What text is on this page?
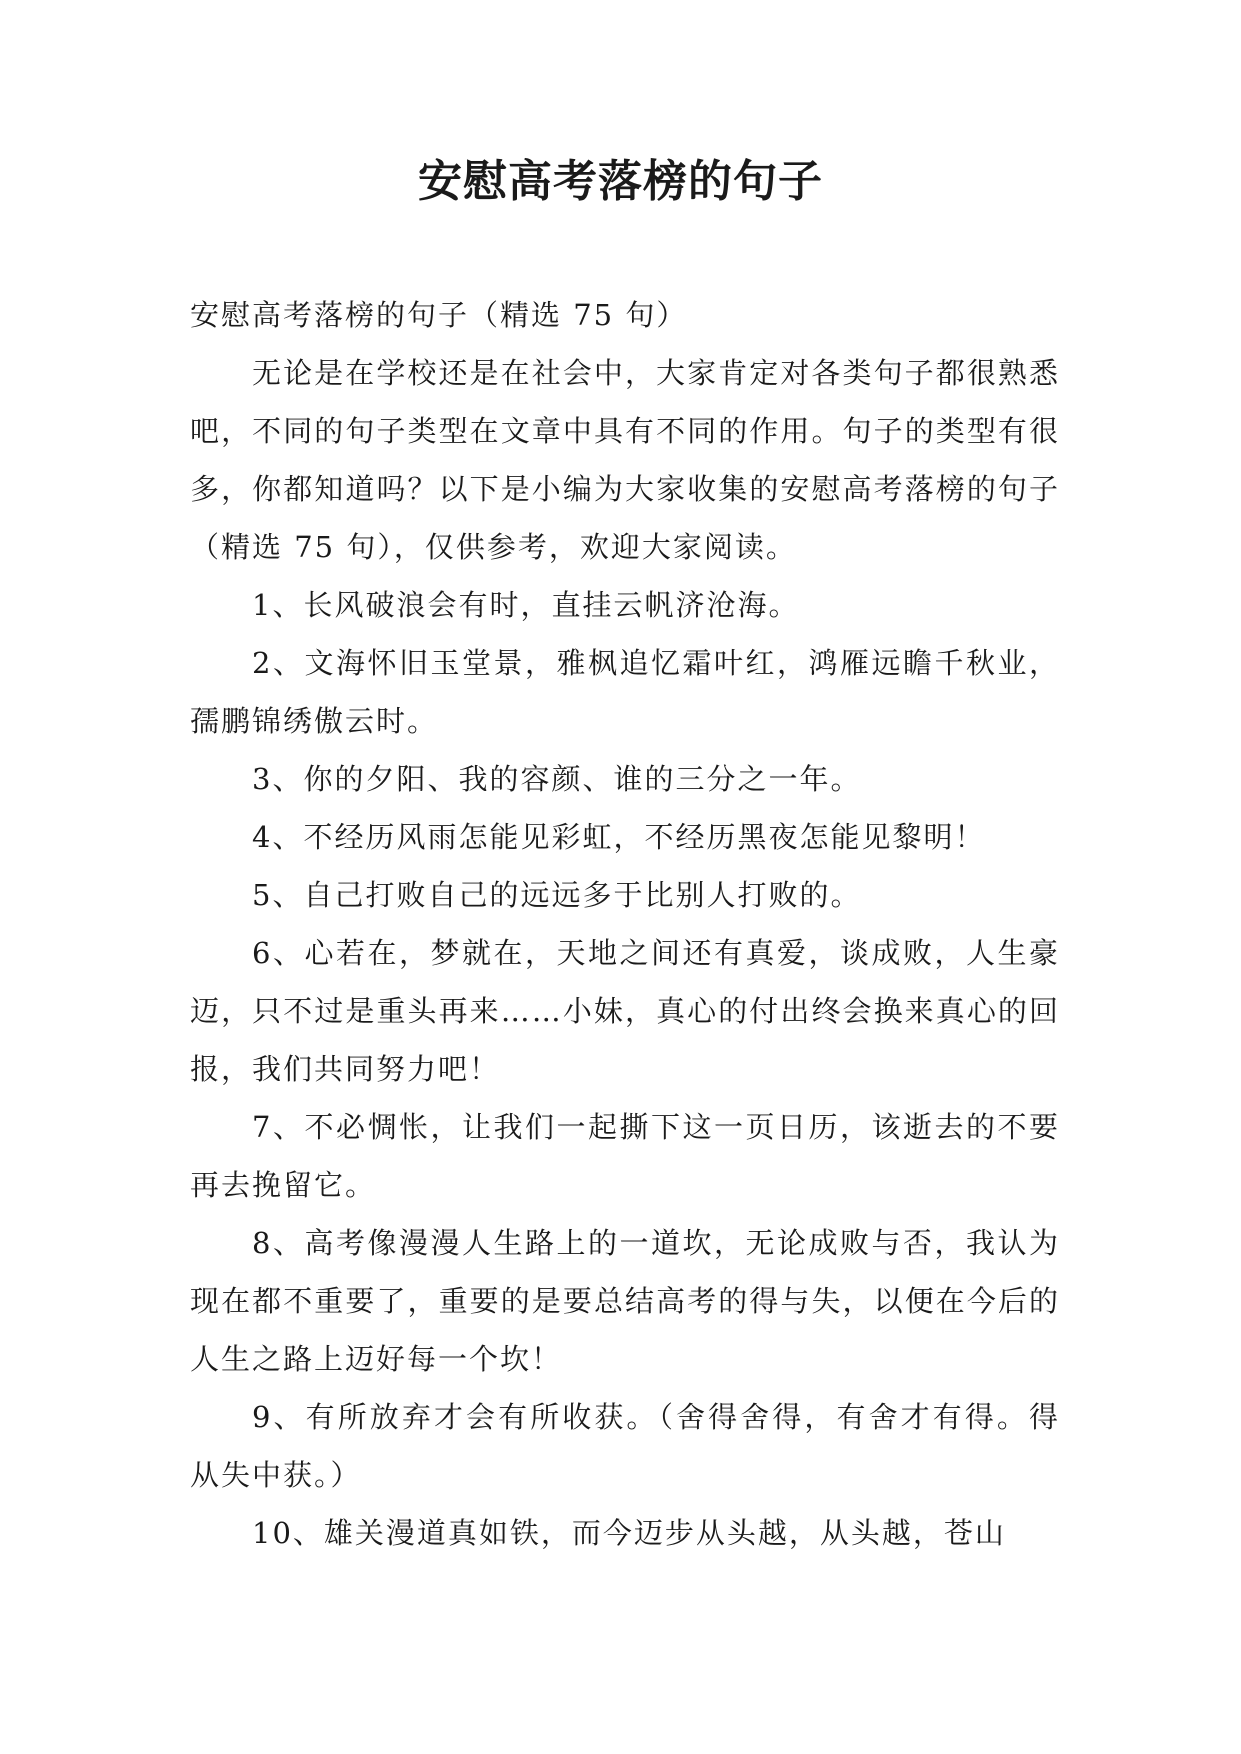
安慰高考落榜的句子

安慰高考落榜的句子（精选 75 句）

无论是在学校还是在社会中，大家肯定对各类句子都很熟悉吧，不同的句子类型在文章中具有不同的作用。句子的类型有很多，你都知道吗？以下是小编为大家收集的安慰高考落榜的句子（精选 75 句），仅供参考，欢迎大家阅读。

1、长风破浪会有时，直挂云帆济沧海。

2、文海怀旧玉堂景，雅枫追忆霜叶红，鸿雁远瞻千秋业，孺鹏锦绣傲云时。

3、你的夕阳、我的容颜、谁的三分之一年。

4、不经历风雨怎能见彩虹，不经历黑夜怎能见黎明！

5、自己打败自己的远远多于比别人打败的。

6、心若在，梦就在，天地之间还有真爱，谈成败，人生豪迈，只不过是重头再来……小妹，真心的付出终会换来真心的回报，我们共同努力吧！

7、不必惆怅，让我们一起撕下这一页日历，该逝去的不要再去挽留它。

8、高考像漫漫人生路上的一道坎，无论成败与否，我认为现在都不重要了，重要的是要总结高考的得与失，以便在今后的人生之路上迈好每一个坎！

9、有所放弃才会有所收获。（舍得舍得，有舍才有得。得从失中获。）

10、雄关漫道真如铁，而今迈步从头越，从头越，苍山
